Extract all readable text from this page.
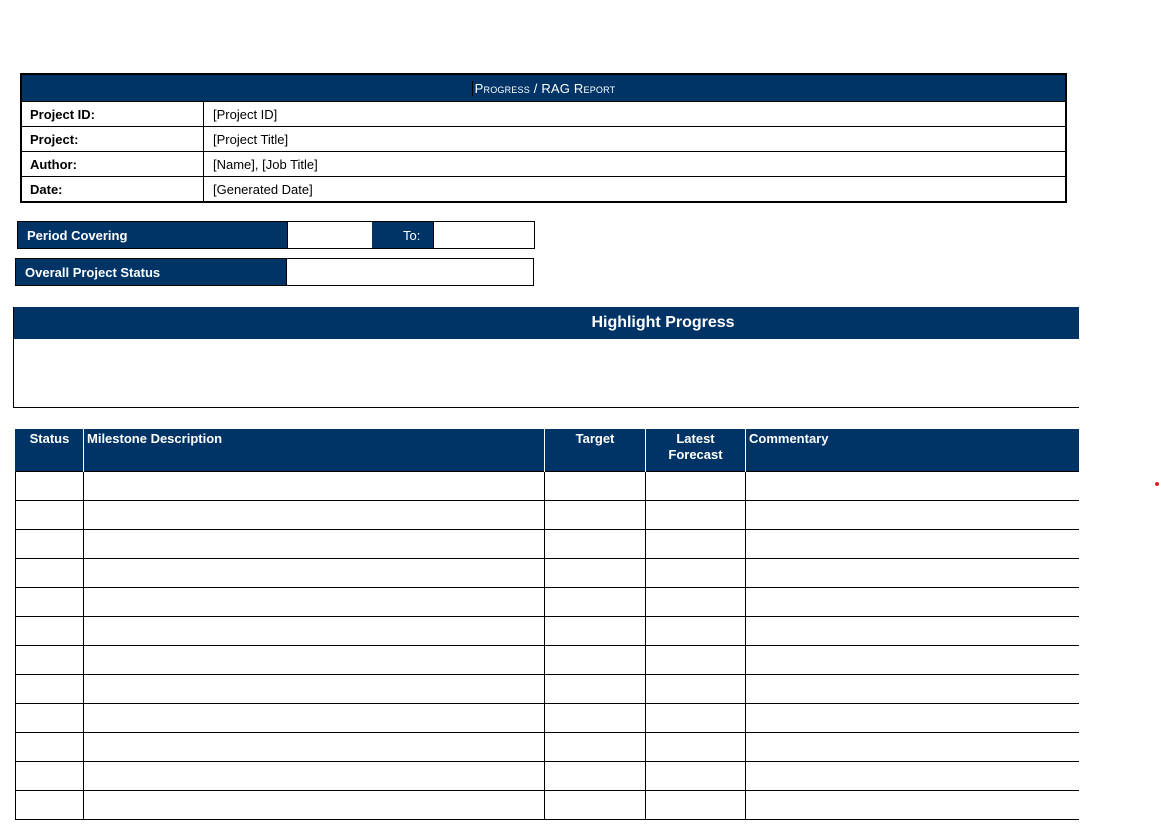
Progress / RAG Report
Project ID:	[Project ID]
Project:	[Project Title]
Author:	[Name], [Job Title]
Date:	[Generated Date]
Period Covering	To:
Overall Project Status
Highlight Progress
Status	Milestone Description	Target	Latest Forecast	Commentary
